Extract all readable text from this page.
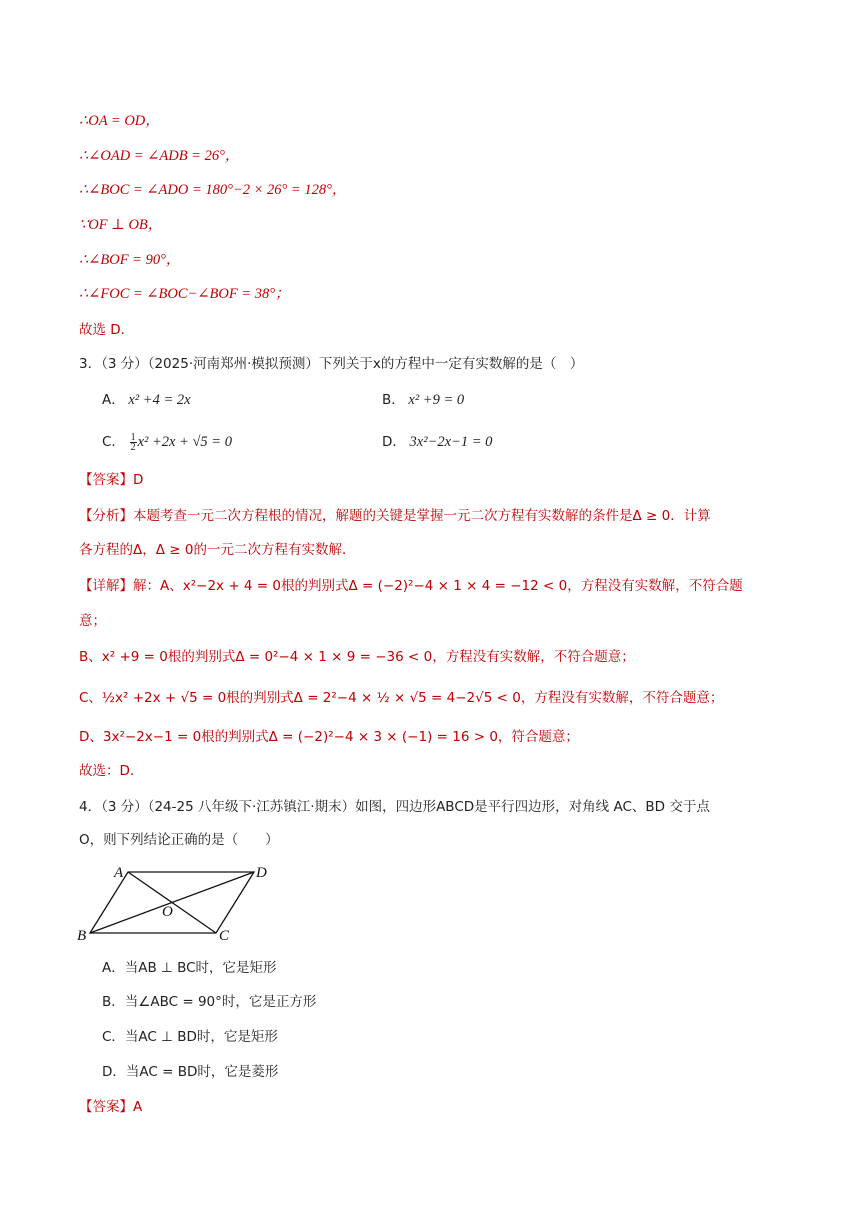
∴OA = OD，
∴∠OAD = ∠ADB = 26°，
∴∠BOC = ∠ADO = 180°−2 × 26° = 128°，
∵OF ⊥ OB，
∴∠BOF = 90°，
∴∠FOC = ∠BOC−∠BOF = 38°；
故选 D．
3．（3 分）（2025·河南郑州·模拟预测）下列关于x的方程中一定有实数解的是（　）
A． x² +4 = 2x	B． x² +9 = 0
C． $\frac{1}{2} x^2 +2x + √5 = 0$	D． 3x²−2x−1 = 0
【答案】D
【分析】本题考查一元二次方程根的情况，解题的关键是掌握一元二次方程有实数解的条件是Δ ≥ 0．计算
各方程的Δ，Δ ≥ 0的一元二次方程有实数解．
【详解】解：A、x²−2x + 4 = 0根的判别式Δ = (−2)²−4 × 1 × 4 = −12 < 0，方程没有实数解，不符合题
意；
B、x² +9 = 0根的判别式Δ = 0²−4 × 1 × 9 = −36 < 0，方程没有实数解，不符合题意；
C、½x² +2x + √5 = 0根的判别式Δ = 2²−4 × ½ × √5 = 4−2√5 < 0，方程没有实数解，不符合题意；
D、3x²−2x−1 = 0根的判别式Δ = (−2)²−4 × 3 × (−1) = 16 > 0，符合题意；
故选：D．
4．（3 分）（24-25 八年级下·江苏镇江·期末）如图，四边形ABCD是平行四边形，对角线 AC、BD 交于点
O，则下列结论正确的是（　　）
A	D
B	C
O
A．当AB ⊥ BC时，它是矩形
B．当∠ABC = 90°时，它是正方形
C．当AC ⊥ BD时，它是矩形
D．当AC = BD时，它是菱形
【答案】A
